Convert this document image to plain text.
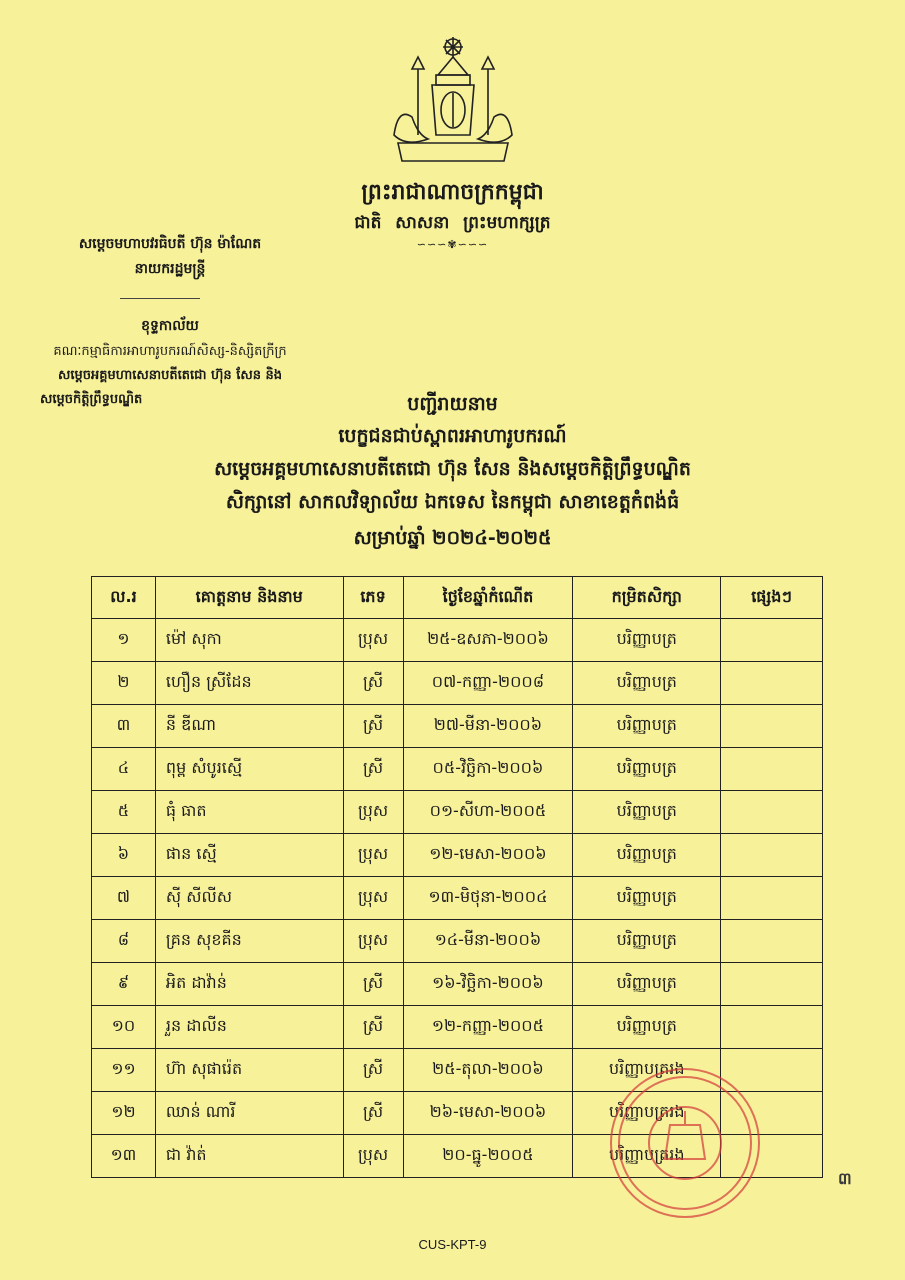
ព្រះរាជាណាចក្រកម្ពុជា
ជាតិ សាសនា ព្រះមហាក្សត្រ
∽∽∽✾∽∽∽
សម្តេចមហាបវរធិបតី ហ៊ុន ម៉ាណែត
នាយករដ្ឋមន្ត្រី
ខុទ្ទកាល័យ
គណៈកម្មាធិការអាហារូបករណ៍សិស្ស-និស្សិតក្រីក្រ
សម្តេចអគ្គមហាសេនាបតីតេជោ ហ៊ុន សែន និង
សម្តេចកិត្តិព្រឹទ្ធបណ្ឌិត	បញ្ជីរាយនាម
បេក្ខជនជាប់ស្ពាពរអាហារូបករណ៍
សម្តេចអគ្គមហាសេនាបតីតេជោ ហ៊ុន សែន និងសម្តេចកិត្តិព្រឹទ្ធបណ្ឌិត
សិក្សានៅ សាកលវិទ្យាល័យ ឯកទេស នៃកម្ពុជា សាខាខេត្តកំពង់ធំ
សម្រាប់ឆ្នាំ ២០២៤-២០២៥
ល.រ	គោត្តនាម និងនាម	ភេទ	ថ្ងៃខែឆ្នាំកំណើត	កម្រិតសិក្សា	ផ្សេងៗ
១	ម៉ៅ សុកា	ប្រុស	២៥-ឧសភា-២០០៦	បរិញ្ញាបត្រ	
២	ហឿន ស្រីដែន	ស្រី	០៧-កញ្ញា-២០០៨	បរិញ្ញាបត្រ	
៣	នី ឌីណា	ស្រី	២៧-មីនា-២០០៦	បរិញ្ញាបត្រ	
៤	ពុម្ព សំបូរស្មើ	ស្រី	០៥-វិច្ឆិកា-២០០៦	បរិញ្ញាបត្រ	
៥	ធុំ ធាត	ប្រុស	០១-សីហា-២០០៥	បរិញ្ញាបត្រ	
៦	ផាន ស្មើ	ប្រុស	១២-មេសា-២០០៦	បរិញ្ញាបត្រ	
៧	ស៊ី សីលីស	ប្រុស	១៣-មិថុនា-២០០៤	បរិញ្ញាបត្រ	
៨	គ្រន សុខគីន	ប្រុស	១៤-មីនា-២០០៦	បរិញ្ញាបត្រ	
៩	អិត ដាវ៉ាន់	ស្រី	១៦-វិច្ឆិកា-២០០៦	បរិញ្ញាបត្រ	
១០	រួន ដាលីន	ស្រី	១២-កញ្ញា-២០០៥	បរិញ្ញាបត្រ	
១១	ហ៊ា សុផារ៉េត	ស្រី	២៥-តុលា-២០០៦	បរិញ្ញាបត្ររង	
១២	ឈាន់ ណារី	ស្រី	២៦-មេសា-២០០៦	បរិញ្ញាបត្ររង	
១៣	ជា វ៉ាត់	ប្រុស	២០-ធ្នូ-២០០៥	បរិញ្ញាបត្ររង	
៣
CUS-KPT-9
